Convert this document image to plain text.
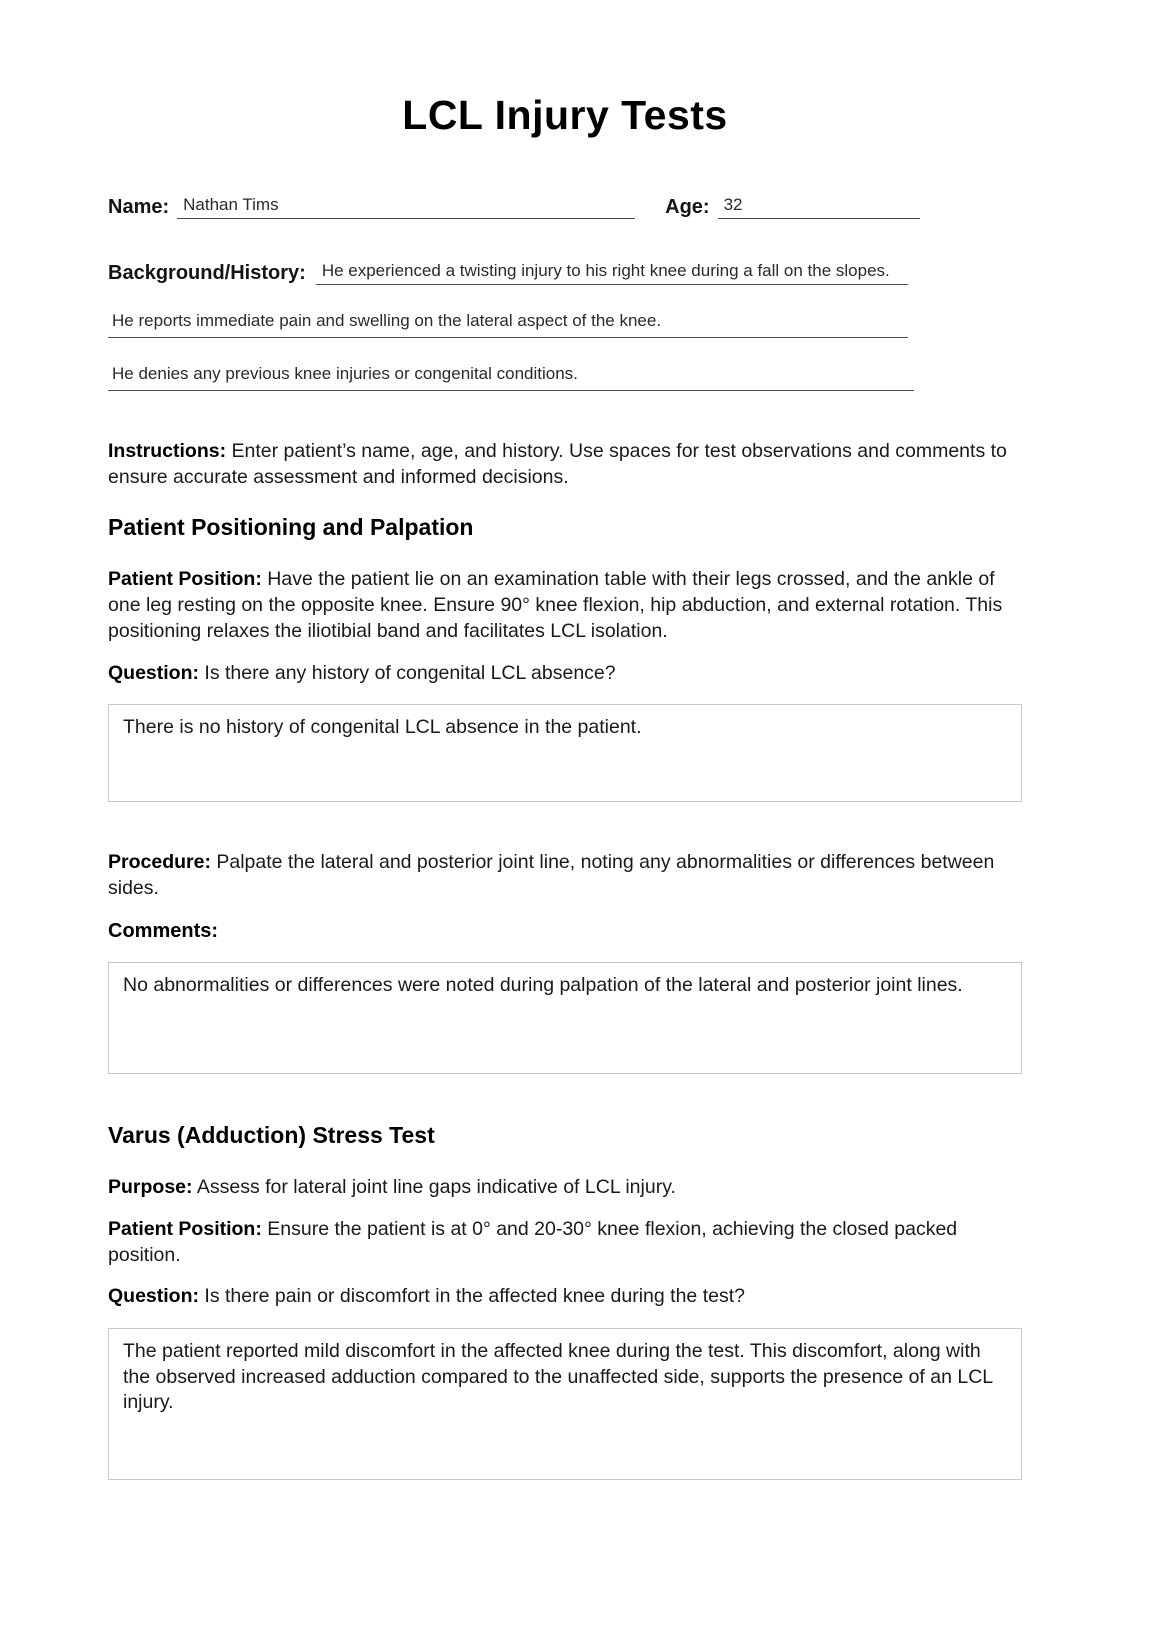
LCL Injury Tests
Name: Nathan Tims	Age: 32
Background/History: He experienced a twisting injury to his right knee during a fall on the slopes.
He reports immediate pain and swelling on the lateral aspect of the knee.
He denies any previous knee injuries or congenital conditions.

Instructions: Enter patient’s name, age, and history. Use spaces for test observations and comments to ensure accurate assessment and informed decisions.

Patient Positioning and Palpation

Patient Position: Have the patient lie on an examination table with their legs crossed, and the ankle of one leg resting on the opposite knee. Ensure 90° knee flexion, hip abduction, and external rotation. This positioning relaxes the iliotibial band and facilitates LCL isolation.

Question: Is there any history of congenital LCL absence?

There is no history of congenital LCL absence in the patient.

Procedure: Palpate the lateral and posterior joint line, noting any abnormalities or differences between sides.

Comments:

No abnormalities or differences were noted during palpation of the lateral and posterior joint lines.
Varus (Adduction) Stress Test

Purpose: Assess for lateral joint line gaps indicative of LCL injury.

Patient Position: Ensure the patient is at 0° and 20-30° knee flexion, achieving the closed packed position.

Question: Is there pain or discomfort in the affected knee during the test?

The patient reported mild discomfort in the affected knee during the test. This discomfort, along with the observed increased adduction compared to the unaffected side, supports the presence of an LCL injury.
